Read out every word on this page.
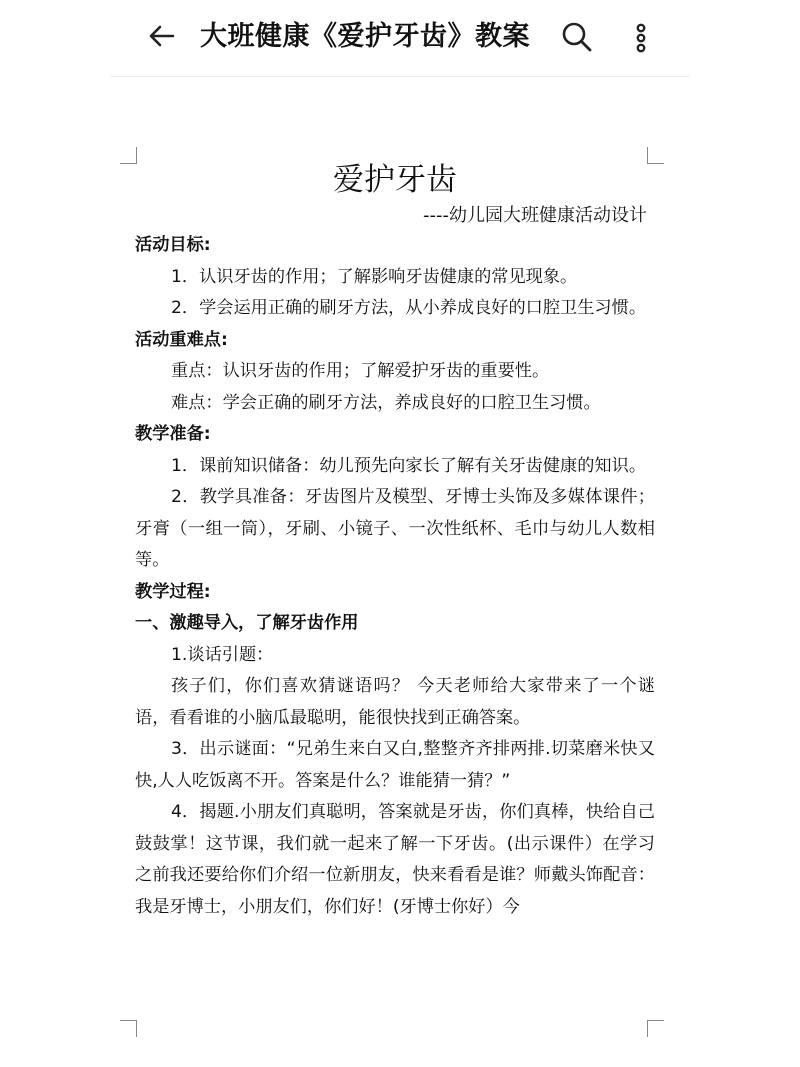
大班健康《爱护牙齿》教案
爱护牙齿
----幼儿园大班健康活动设计

活动目标:

1．认识牙齿的作用；了解影响牙齿健康的常见现象。

2．学会运用正确的刷牙方法，从小养成良好的口腔卫生习惯。

活动重难点:

重点：认识牙齿的作用；了解爱护牙齿的重要性。

难点：学会正确的刷牙方法，养成良好的口腔卫生习惯。

教学准备:

1．课前知识储备：幼儿预先向家长了解有关牙齿健康的知识。

2．教学具准备：牙齿图片及模型、牙博士头饰及多媒体课件；牙膏（一组一筒），牙刷、小镜子、一次性纸杯、毛巾与幼儿人数相等。

教学过程:

一、激趣导入，了解牙齿作用

1.谈话引题：

孩子们，你们喜欢猜谜语吗？ 今天老师给大家带来了一个谜语，看看谁的小脑瓜最聪明，能很快找到正确答案。

3．出示谜面：“兄弟生来白又白,整整齐齐排两排.切菜磨米快又快,人人吃饭离不开。答案是什么？谁能猜一猜？”

4．揭题.小朋友们真聪明，答案就是牙齿，你们真棒，快给自己鼓鼓掌！这节课，我们就一起来了解一下牙齿。(出示课件）在学习之前我还要给你们介绍一位新朋友，快来看看是谁？师戴头饰配音：我是牙博士，小朋友们，你们好！(牙博士你好）今
